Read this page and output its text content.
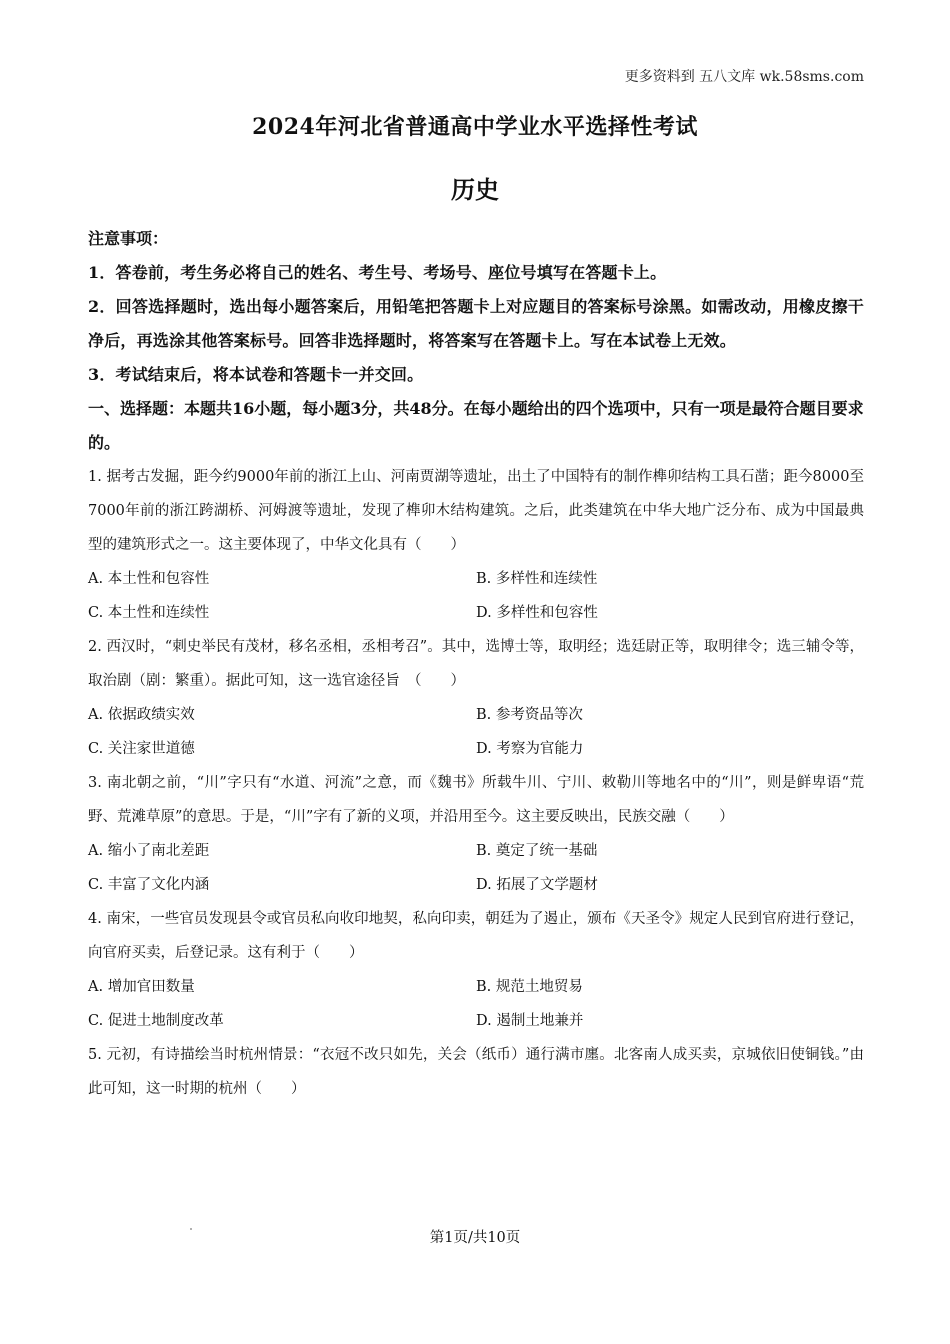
更多资料到 五八文库 wk.58sms.com
2024年河北省普通高中学业水平选择性考试
历史
注意事项：
1．答卷前，考生务必将自己的姓名、考生号、考场号、座位号填写在答题卡上。
2．回答选择题时，选出每小题答案后，用铅笔把答题卡上对应题目的答案标号涂黑。如需改动，用橡皮擦干净后，再选涂其他答案标号。回答非选择题时，将答案写在答题卡上。写在本试卷上无效。
3．考试结束后，将本试卷和答题卡一并交回。
一、选择题：本题共16小题，每小题3分，共48分。在每小题给出的四个选项中，只有一项是最符合题目要求的。
1. 据考古发掘，距今约9000年前的浙江上山、河南贾湖等遗址，出土了中国特有的制作榫卯结构工具石凿；距今8000至7000年前的浙江跨湖桥、河姆渡等遗址，发现了榫卯木结构建筑。之后，此类建筑在中华大地广泛分布、成为中国最典型的建筑形式之一。这主要体现了，中华文化具有（　　）
A. 本土性和包容性	B. 多样性和连续性
C. 本土性和连续性	D. 多样性和包容性
2. 西汉时，“刺史举民有茂材，移名丞相，丞相考召”。其中，选博士等，取明经；选廷尉正等，取明律令；选三辅令等，取治剧（剧：繁重）。据此可知，这一选官途径旨　（　　）
A. 依据政绩实效	B. 参考资品等次
C. 关注家世道德	D. 考察为官能力
3. 南北朝之前，“川”字只有“水道、河流”之意，而《魏书》所载牛川、宁川、敕勒川等地名中的“川”，则是鲜卑语“荒野、荒滩草原”的意思。于是，“川”字有了新的义项，并沿用至今。这主要反映出，民族交融（　　）
A. 缩小了南北差距	B. 奠定了统一基础
C. 丰富了文化内涵	D. 拓展了文学题材
4. 南宋，一些官员发现县令或官员私向收印地契，私向印卖，朝廷为了遏止，颁布《天圣令》规定人民到官府进行登记，向官府买卖，后登记录。这有利于（　　）
A. 增加官田数量	B. 规范土地贸易
C. 促进土地制度改革	D. 遏制土地兼并
5. 元初，有诗描绘当时杭州情景：“衣冠不改只如先，关会（纸币）通行满市廛。北客南人成买卖，京城依旧使铜钱。”由此可知，这一时期的杭州（　　）
第1页/共10页
